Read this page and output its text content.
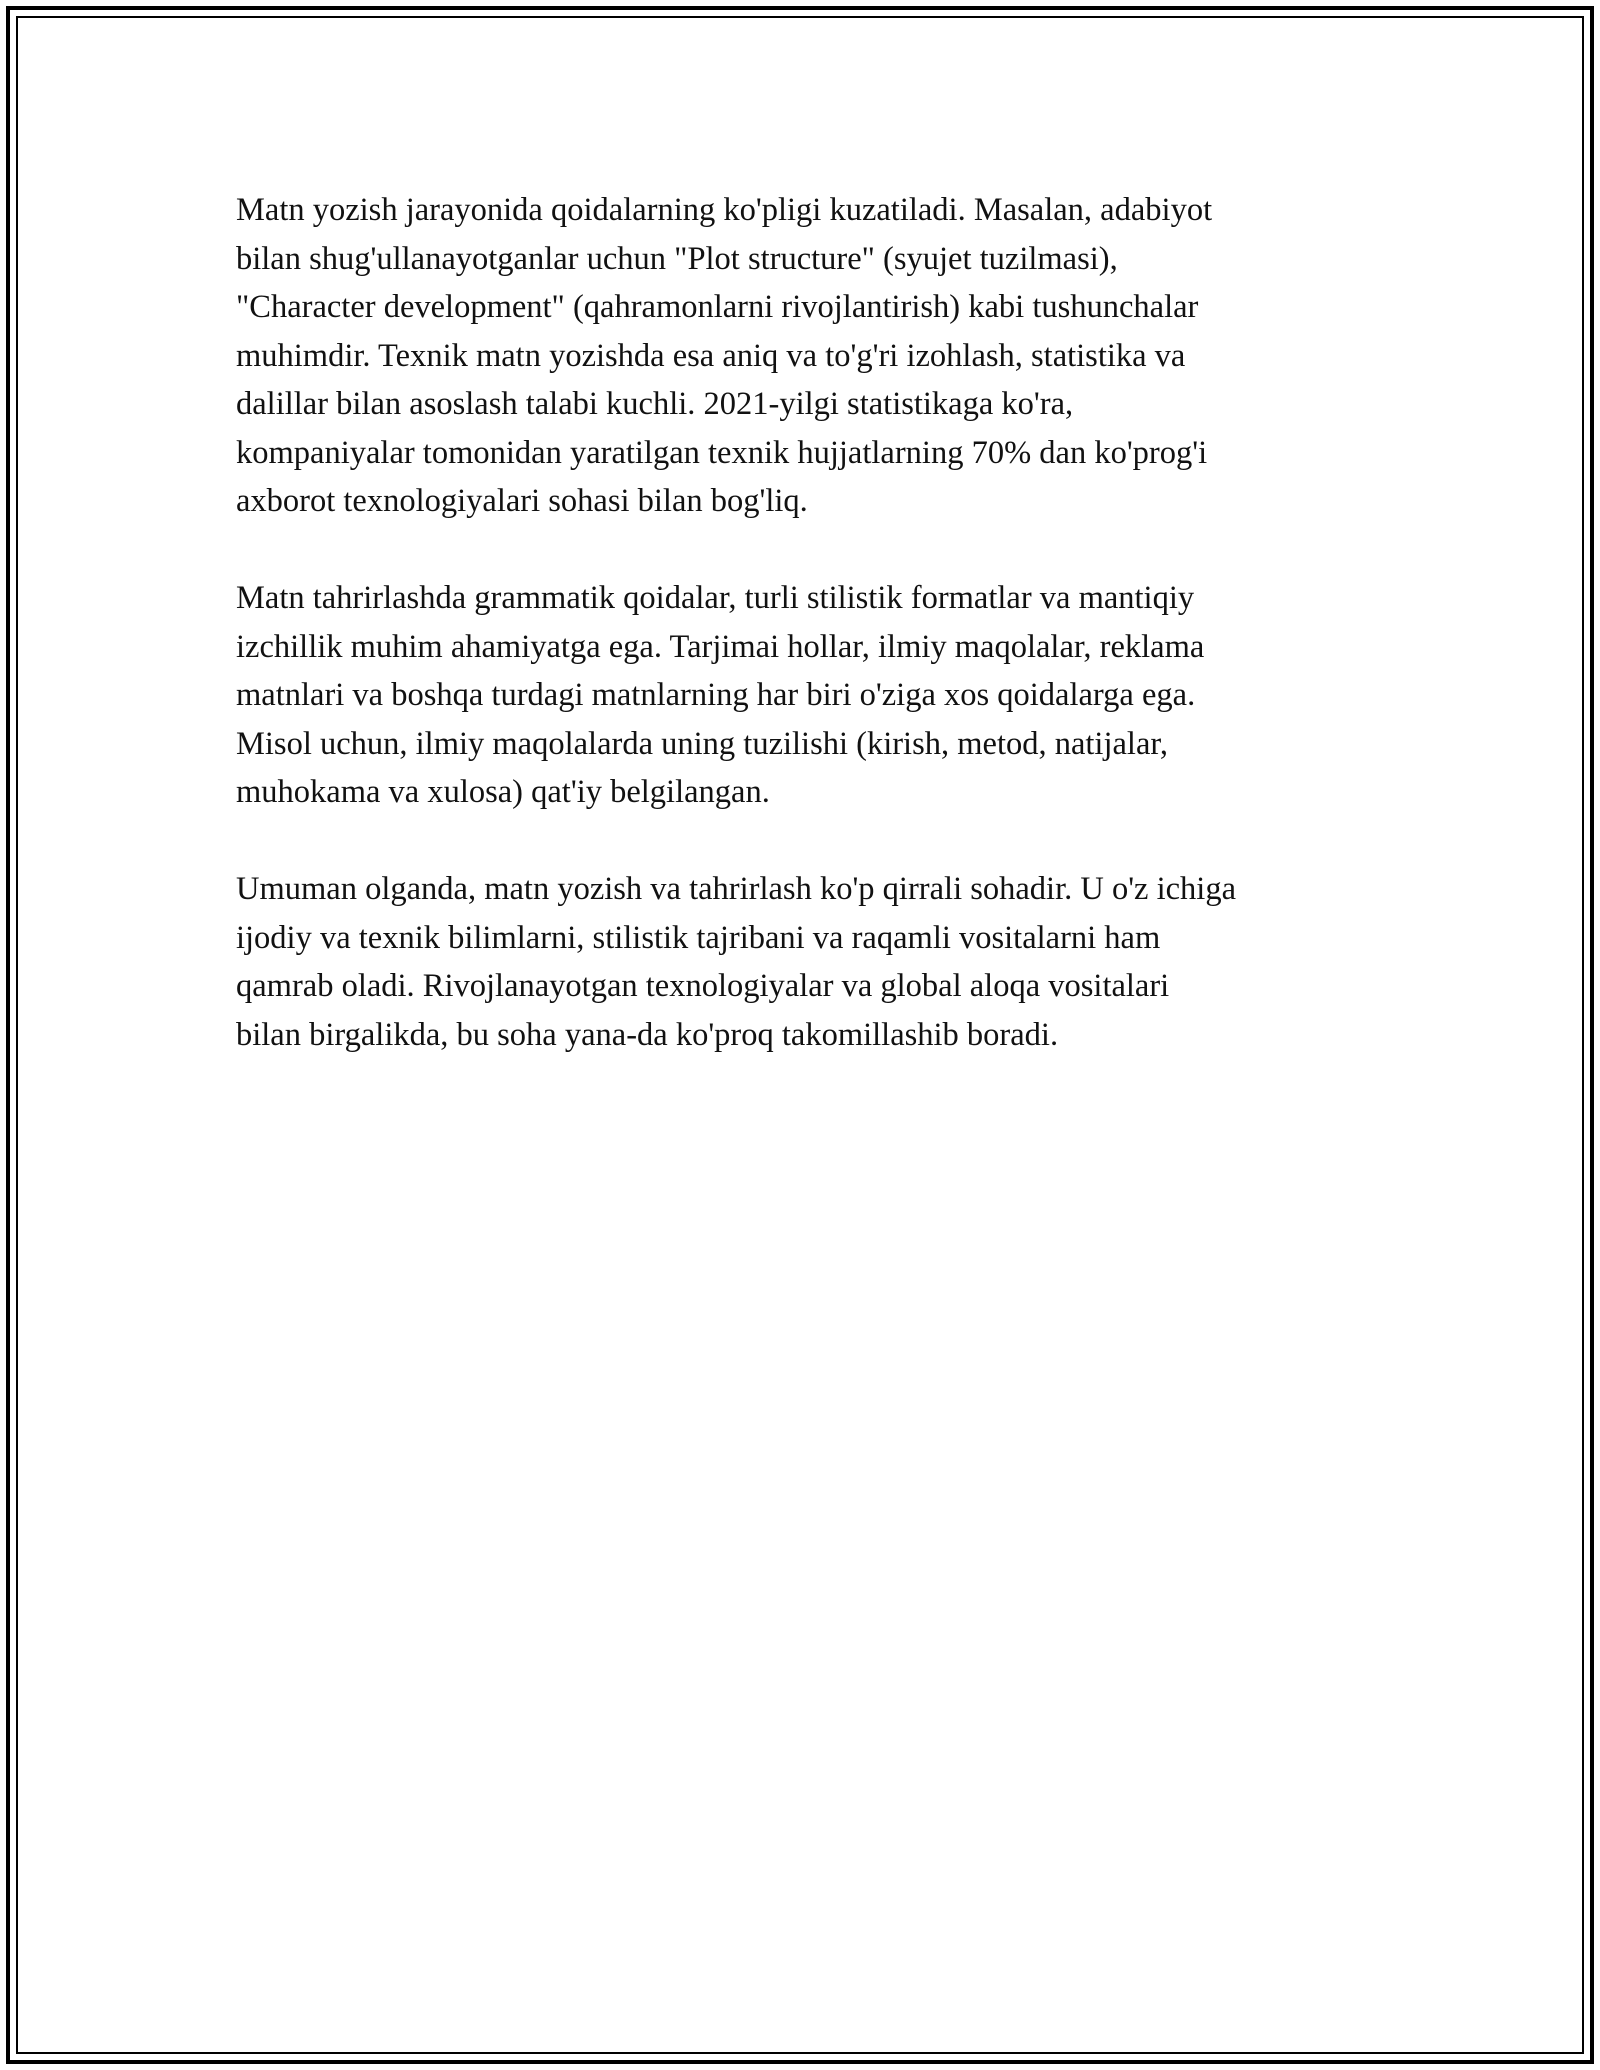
Matn yozish jarayonida qoidalarning ko'pligi kuzatiladi. Masalan, adabiyot
bilan shug'ullanayotganlar uchun "Plot structure" (syujet tuzilmasi),
"Character development" (qahramonlarni rivojlantirish) kabi tushunchalar
muhimdir. Texnik matn yozishda esa aniq va to'g'ri izohlash, statistika va
dalillar bilan asoslash talabi kuchli. 2021-yilgi statistikaga ko'ra,
kompaniyalar tomonidan yaratilgan texnik hujjatlarning 70% dan ko'prog'i
axborot texnologiyalari sohasi bilan bog'liq.

Matn tahrirlashda grammatik qoidalar, turli stilistik formatlar va mantiqiy
izchillik muhim ahamiyatga ega. Tarjimai hollar, ilmiy maqolalar, reklama
matnlari va boshqa turdagi matnlarning har biri o'ziga xos qoidalarga ega.
Misol uchun, ilmiy maqolalarda uning tuzilishi (kirish, metod, natijalar,
muhokama va xulosa) qat'iy belgilangan.

Umuman olganda, matn yozish va tahrirlash ko'p qirrali sohadir. U o'z ichiga
ijodiy va texnik bilimlarni, stilistik tajribani va raqamli vositalarni ham
qamrab oladi. Rivojlanayotgan texnologiyalar va global aloqa vositalari
bilan birgalikda, bu soha yana-da ko'proq takomillashib boradi.
